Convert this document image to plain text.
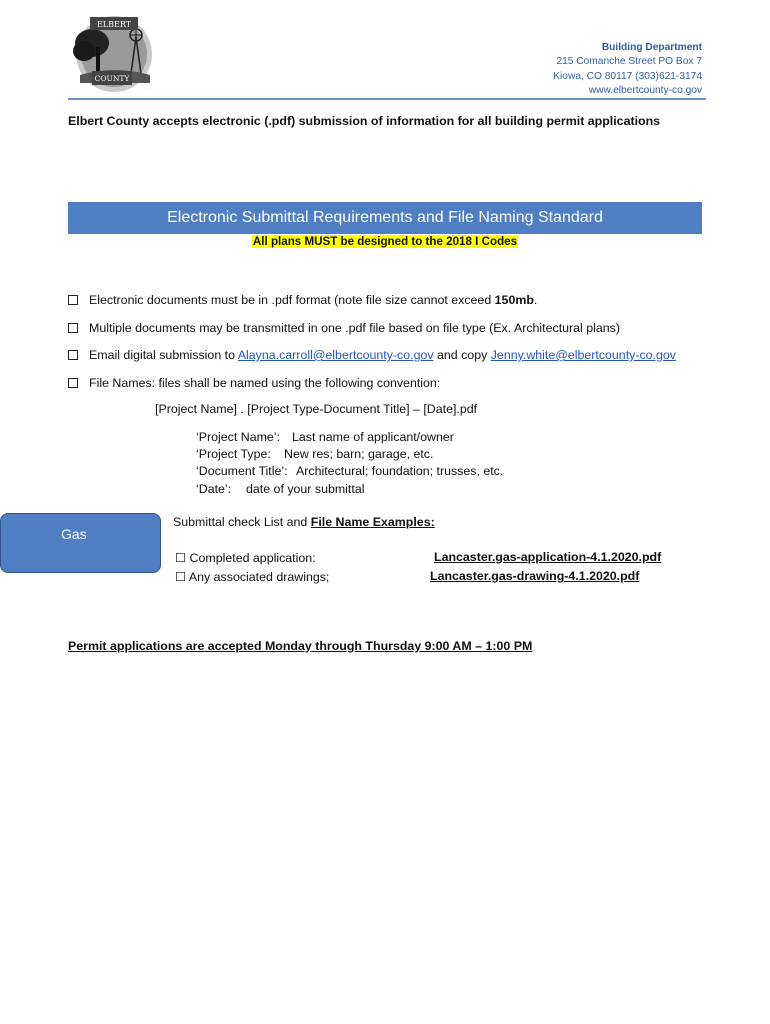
ELBERT
COUNTY
EST. 1874
Building Department
215 Comanche Street PO Box 7
Kiowa, CO 80117 (303)621-3174
www.elbertcounty-co.gov
Elbert County accepts electronic (.pdf) submission of information for all building permit applications
Electronic Submittal Requirements and File Naming Standard
All plans MUST be designed to the 2018 I Codes
Electronic documents must be in .pdf format (note file size cannot exceed 150mb.
Multiple documents may be transmitted in one .pdf file based on file type (Ex. Architectural plans)
Email digital submission to Alayna.carroll@elbertcounty-co.gov and copy Jenny.white@elbertcounty-co.gov
File Names: files shall be named using the following convention:
[Project Name] . [Project Type-Document Title] – [Date].pdf
‘Project Name’: Last name of applicant/owner
‘Project Type: New res; barn; garage, etc.
‘Document Title’: Architectural; foundation; trusses, etc.
‘Date’: date of your submittal
Gas
Submittal check List and File Name Examples:
☐ Completed application:	Lancaster.gas-application-4.1.2020.pdf
☐ Any associated drawings;	Lancaster.gas-drawing-4.1.2020.pdf
Permit applications are accepted Monday through Thursday 9:00 AM – 1:00 PM
